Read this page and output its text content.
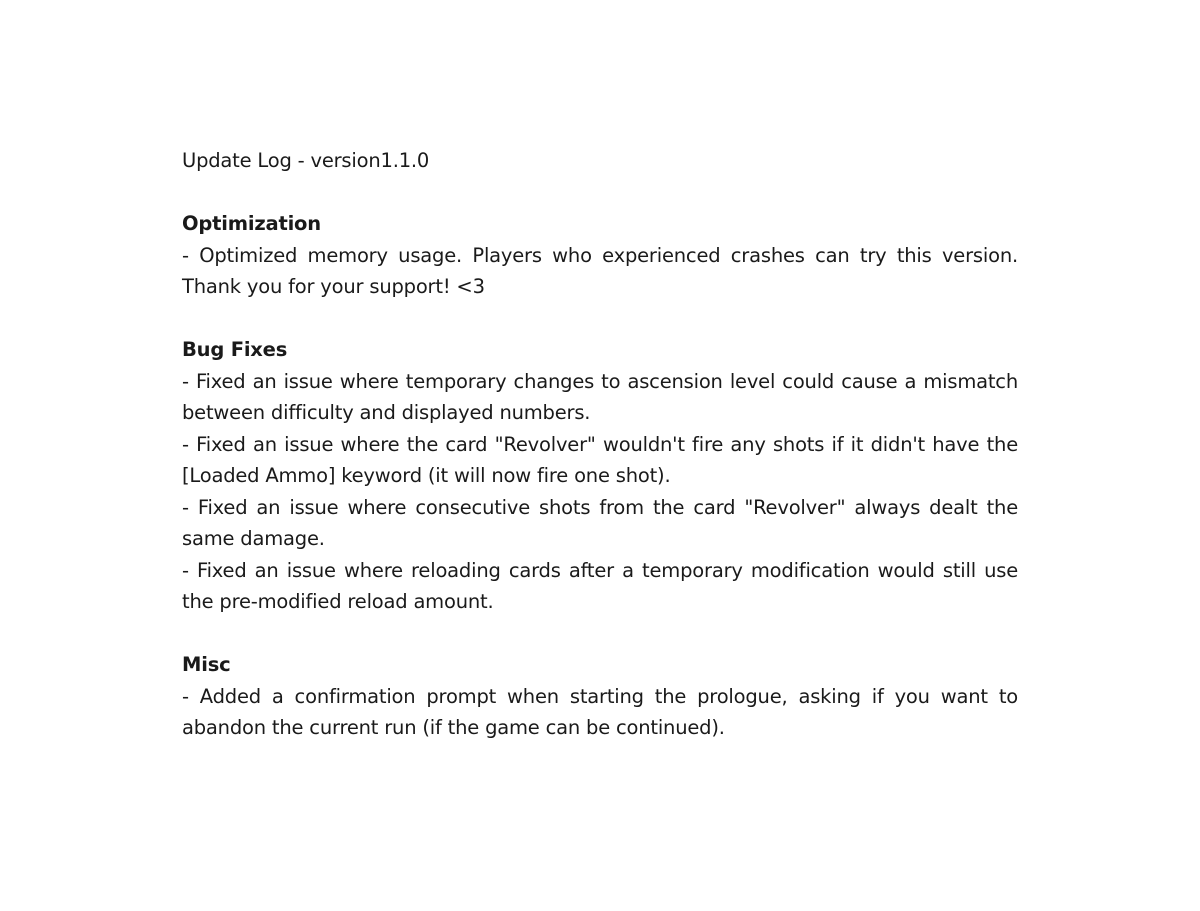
Update Log - version1.1.0

Optimization

- Optimized memory usage. Players who experienced crashes can try this version. Thank you for your support! <3

Bug Fixes

- Fixed an issue where temporary changes to ascension level could cause a mismatch between difficulty and displayed numbers.

- Fixed an issue where the card "Revolver" wouldn't fire any shots if it didn't have the [Loaded Ammo] keyword (it will now fire one shot).

- Fixed an issue where consecutive shots from the card "Revolver" always dealt the same damage.

- Fixed an issue where reloading cards after a temporary modification would still use the pre-modified reload amount.

Misc

- Added a confirmation prompt when starting the prologue, asking if you want to abandon the current run (if the game can be continued).
